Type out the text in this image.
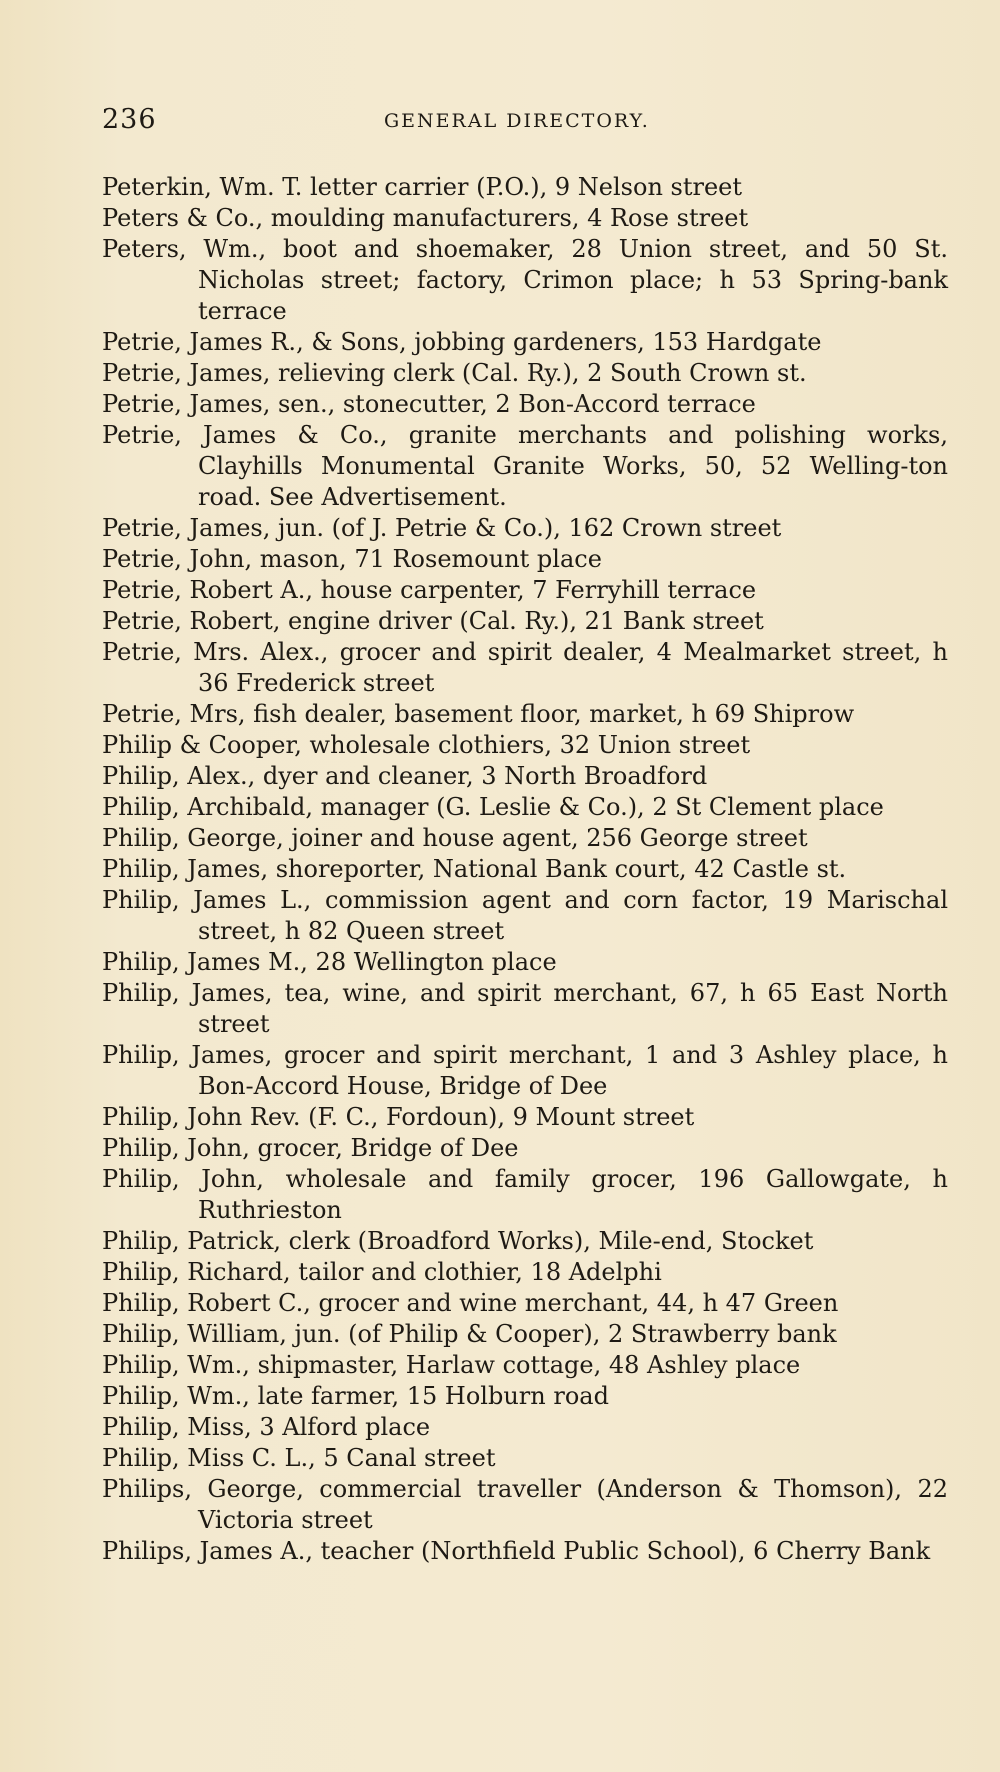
236	GENERAL DIRECTORY.
Peterkin, Wm. T. letter carrier (P.O.), 9 Nelson street
Peters & Co., moulding manufacturers, 4 Rose street
Peters, Wm., boot and shoemaker, 28 Union street, and 50 St. Nicholas street; factory, Crimon place; h 53 Spring-bank terrace
Petrie, James R., & Sons, jobbing gardeners, 153 Hardgate
Petrie, James, relieving clerk (Cal. Ry.), 2 South Crown st.
Petrie, James, sen., stonecutter, 2 Bon-Accord terrace
Petrie, James & Co., granite merchants and polishing works, Clayhills Monumental Granite Works, 50, 52 Welling-ton road. See Advertisement.
Petrie, James, jun. (of J. Petrie & Co.), 162 Crown street
Petrie, John, mason, 71 Rosemount place
Petrie, Robert A., house carpenter, 7 Ferryhill terrace
Petrie, Robert, engine driver (Cal. Ry.), 21 Bank street
Petrie, Mrs. Alex., grocer and spirit dealer, 4 Mealmarket street, h 36 Frederick street
Petrie, Mrs, fish dealer, basement floor, market, h 69 Shiprow
Philip & Cooper, wholesale clothiers, 32 Union street
Philip, Alex., dyer and cleaner, 3 North Broadford
Philip, Archibald, manager (G. Leslie & Co.), 2 St Clement place
Philip, George, joiner and house agent, 256 George street
Philip, James, shoreporter, National Bank court, 42 Castle st.
Philip, James L., commission agent and corn factor, 19 Marischal street, h 82 Queen street
Philip, James M., 28 Wellington place
Philip, James, tea, wine, and spirit merchant, 67, h 65 East North street
Philip, James, grocer and spirit merchant, 1 and 3 Ashley place, h Bon-Accord House, Bridge of Dee
Philip, John Rev. (F. C., Fordoun), 9 Mount street
Philip, John, grocer, Bridge of Dee
Philip, John, wholesale and family grocer, 196 Gallowgate, h Ruthrieston
Philip, Patrick, clerk (Broadford Works), Mile-end, Stocket
Philip, Richard, tailor and clothier, 18 Adelphi
Philip, Robert C., grocer and wine merchant, 44, h 47 Green
Philip, William, jun. (of Philip & Cooper), 2 Strawberry bank
Philip, Wm., shipmaster, Harlaw cottage, 48 Ashley place
Philip, Wm., late farmer, 15 Holburn road
Philip, Miss, 3 Alford place
Philip, Miss C. L., 5 Canal street
Philips, George, commercial traveller (Anderson & Thomson), 22 Victoria street
Philips, James A., teacher (Northfield Public School), 6 Cherry Bank
